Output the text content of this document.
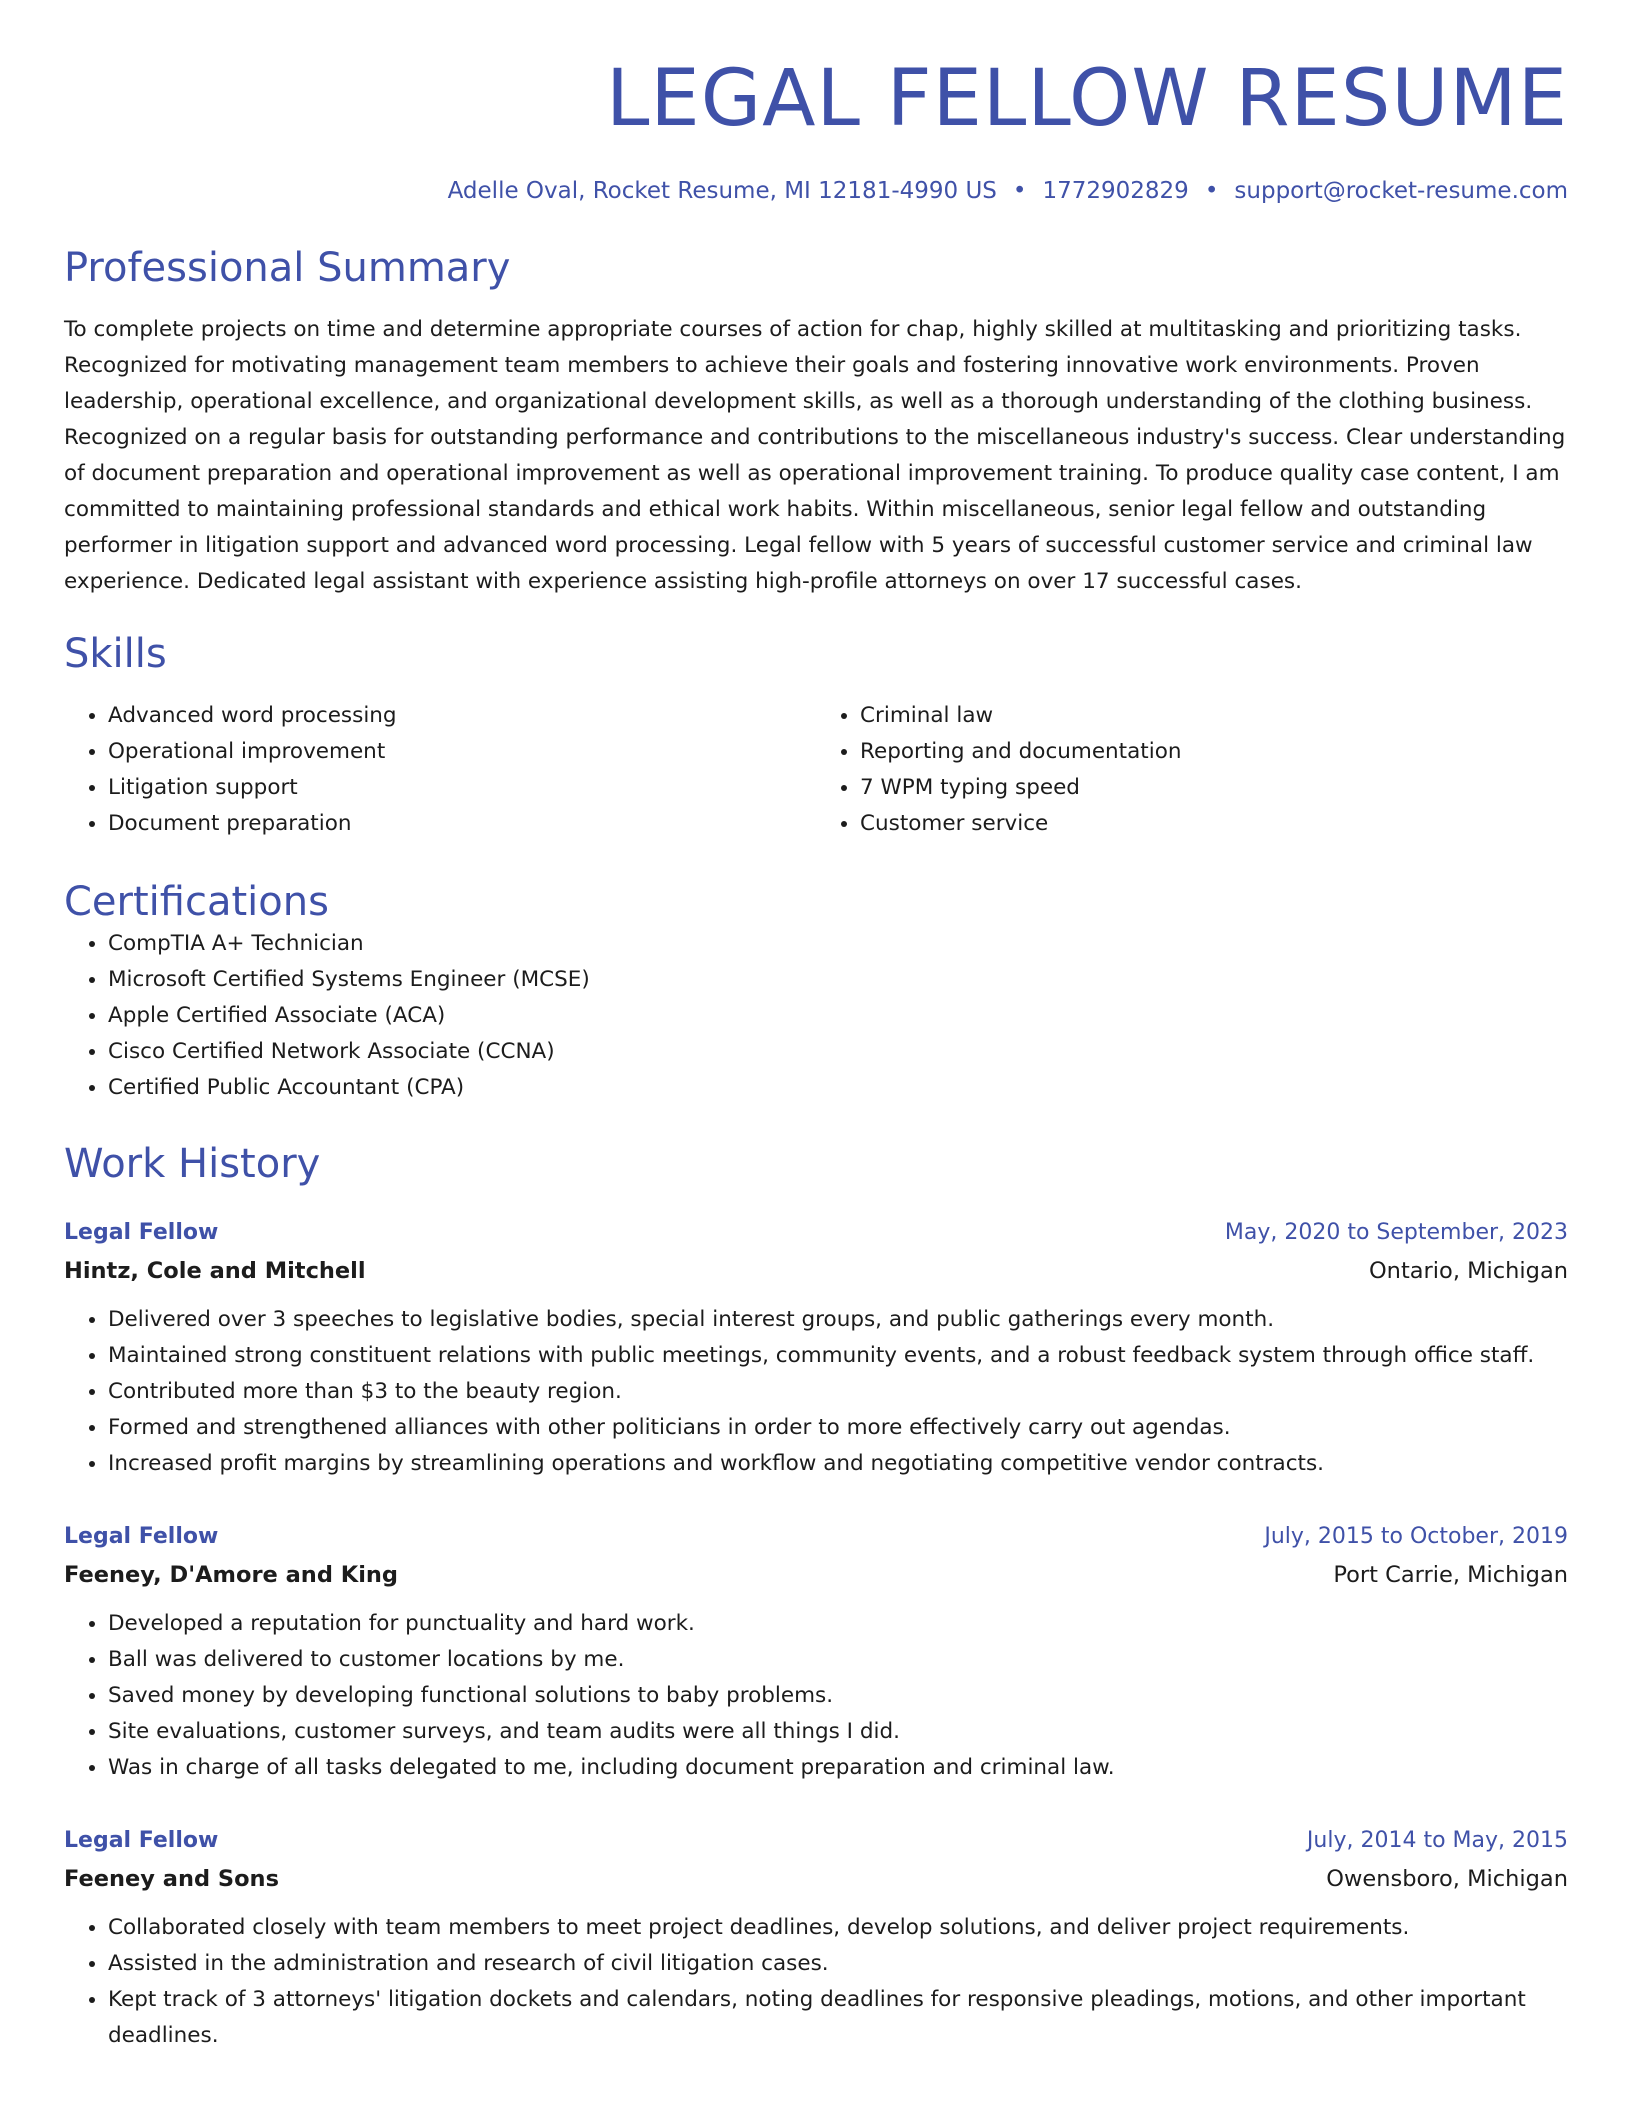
LEGAL FELLOW RESUME
Adelle Oval, Rocket Resume, MI 12181-4990 US • 1772902829 • support@rocket-resume.com
Professional Summary

To complete projects on time and determine appropriate courses of action for chap, highly skilled at multitasking and prioritizing tasks. Recognized for motivating management team members to achieve their goals and fostering innovative work environments. Proven leadership, operational excellence, and organizational development skills, as well as a thorough understanding of the clothing business. Recognized on a regular basis for outstanding performance and contributions to the miscellaneous industry's success. Clear understanding of document preparation and operational improvement as well as operational improvement training. To produce quality case content, I am committed to maintaining professional standards and ethical work habits. Within miscellaneous, senior legal fellow and outstanding performer in litigation support and advanced word processing. Legal fellow with 5 years of successful customer service and criminal law experience. Dedicated legal assistant with experience assisting high-profile attorneys on over 17 successful cases.

Skills
• Advanced word processing
• Operational improvement
• Litigation support
• Document preparation
• Criminal law
• Reporting and documentation
• 7 WPM typing speed
• Customer service
Certifications
• CompTIA A+ Technician
• Microsoft Certified Systems Engineer (MCSE)
• Apple Certified Associate (ACA)
• Cisco Certified Network Associate (CCNA)
• Certified Public Accountant (CPA)
Work History
Legal Fellow	May, 2020 to September, 2023
Hintz, Cole and Mitchell	Ontario, Michigan
• Delivered over 3 speeches to legislative bodies, special interest groups, and public gatherings every month.
• Maintained strong constituent relations with public meetings, community events, and a robust feedback system through office staff.
• Contributed more than $3 to the beauty region.
• Formed and strengthened alliances with other politicians in order to more effectively carry out agendas.
• Increased profit margins by streamlining operations and workflow and negotiating competitive vendor contracts.
Legal Fellow	July, 2015 to October, 2019
Feeney, D'Amore and King	Port Carrie, Michigan
• Developed a reputation for punctuality and hard work.
• Ball was delivered to customer locations by me.
• Saved money by developing functional solutions to baby problems.
• Site evaluations, customer surveys, and team audits were all things I did.
• Was in charge of all tasks delegated to me, including document preparation and criminal law.
Legal Fellow	July, 2014 to May, 2015
Feeney and Sons	Owensboro, Michigan
• Collaborated closely with team members to meet project deadlines, develop solutions, and deliver project requirements.
• Assisted in the administration and research of civil litigation cases.
• Kept track of 3 attorneys' litigation dockets and calendars, noting deadlines for responsive pleadings, motions, and other important deadlines.
